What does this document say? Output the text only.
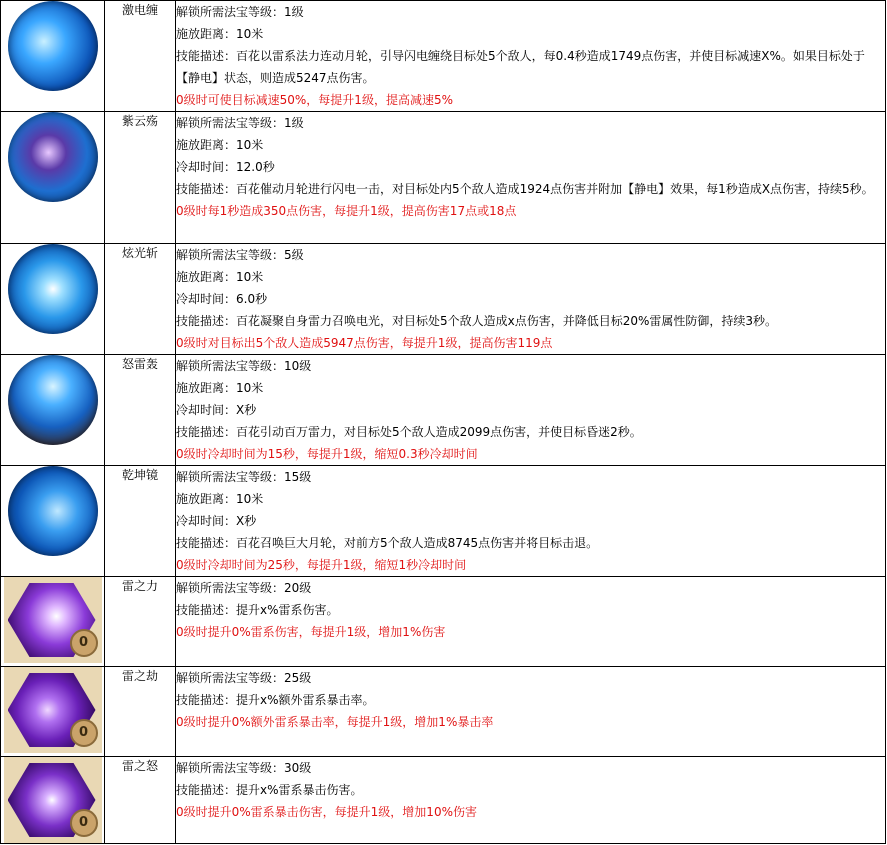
	激电缠	解锁所需法宝等级：1级
施放距离：10米
技能描述：百花以雷系法力连动月轮，引导闪电缠绕目标处5个敌人，每0.4秒造成1749点伤害，并使目标减速X%。如果目标处于【静电】状态，则造成5247点伤害。
0级时可使目标减速50%，每提升1级，提高减速5%

	紫云殇	解锁所需法宝等级：1级
施放距离：10米
冷却时间：12.0秒
技能描述：百花催动月轮进行闪电一击，对目标处内5个敌人造成1924点伤害并附加【静电】效果，每1秒造成X点伤害，持续5秒。
0级时每1秒造成350点伤害，每提升1级，提高伤害17点或18点

	炫光斩	解锁所需法宝等级：5级
施放距离：10米
冷却时间：6.0秒
技能描述：百花凝聚自身雷力召唤电光，对目标处5个敌人造成x点伤害，并降低目标20%雷属性防御，持续3秒。
0级时对目标出5个敌人造成5947点伤害，每提升1级，提高伤害119点

	怒雷轰	解锁所需法宝等级：10级
施放距离：10米
冷却时间：X秒
技能描述：百花引动百万雷力，对目标处5个敌人造成2099点伤害，并使目标昏迷2秒。
0级时冷却时间为15秒，每提升1级，缩短0.3秒冷却时间

	乾坤镜	解锁所需法宝等级：15级
施放距离：10米
冷却时间：X秒
技能描述：百花召唤巨大月轮，对前方5个敌人造成8745点伤害并将目标击退。
0级时冷却时间为25秒，每提升1级，缩短1秒冷却时间

0	雷之力	解锁所需法宝等级：20级
技能描述：提升x%雷系伤害。
0级时提升0%雷系伤害，每提升1级，增加1%伤害

0	雷之劫	解锁所需法宝等级：25级
技能描述：提升x%额外雷系暴击率。
0级时提升0%额外雷系暴击率，每提升1级，增加1%暴击率

0	雷之怒	解锁所需法宝等级：30级
技能描述：提升x%雷系暴击伤害。
0级时提升0%雷系暴击伤害，每提升1级，增加10%伤害
